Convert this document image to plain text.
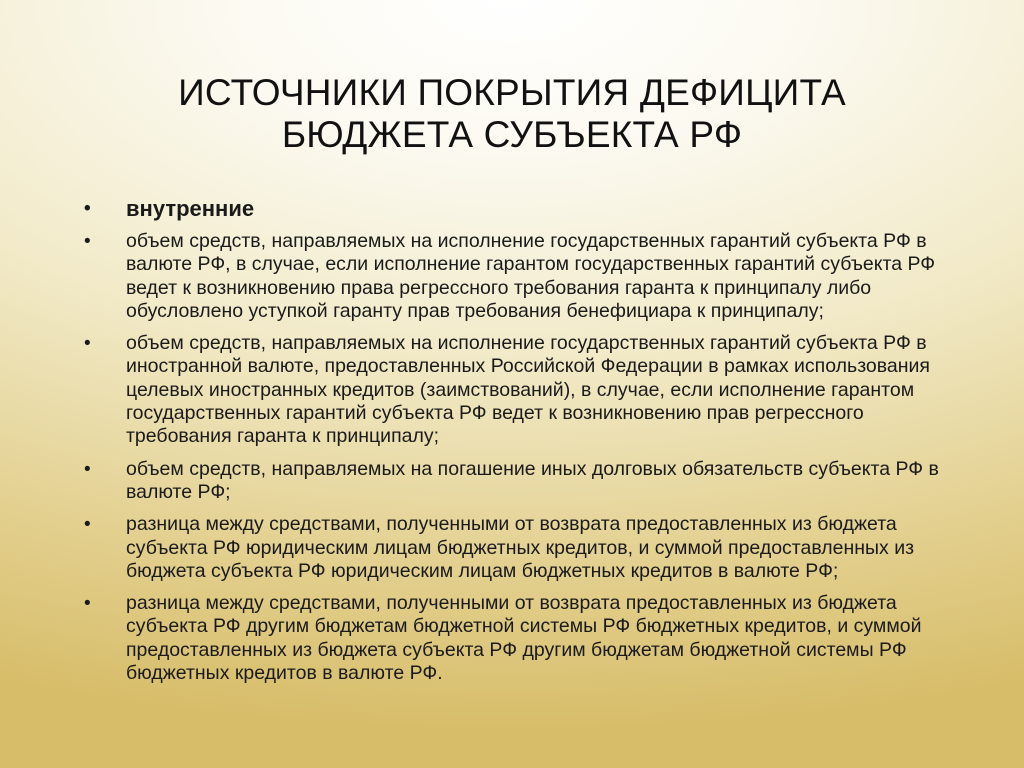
ИСТОЧНИКИ ПОКРЫТИЯ ДЕФИЦИТА
БЮДЖЕТА СУБЪЕКТА РФ
• внутренние
• объем средств, направляемых на исполнение государственных гарантий субъекта РФ в валюте РФ, в случае, если исполнение гарантом государственных гарантий субъекта РФ ведет к возникновению права регрессного требования гаранта к принципалу либо обусловлено уступкой гаранту прав требования бенефициара к принципалу;
• объем средств, направляемых на исполнение государственных гарантий субъекта РФ в иностранной валюте, предоставленных Российской Федерации в рамках использования целевых иностранных кредитов (заимствований), в случае, если исполнение гарантом государственных гарантий субъекта РФ ведет к возникновению прав регрессного требования гаранта к принципалу;
• объем средств, направляемых на погашение иных долговых обязательств субъекта РФ в валюте РФ;
• разница между средствами, полученными от возврата предоставленных из бюджета субъекта РФ юридическим лицам бюджетных кредитов, и суммой предоставленных из бюджета субъекта РФ юридическим лицам бюджетных кредитов в валюте РФ;
• разница между средствами, полученными от возврата предоставленных из бюджета субъекта РФ другим бюджетам бюджетной системы РФ бюджетных кредитов, и суммой предоставленных из бюджета субъекта РФ другим бюджетам бюджетной системы РФ бюджетных кредитов в валюте РФ.
